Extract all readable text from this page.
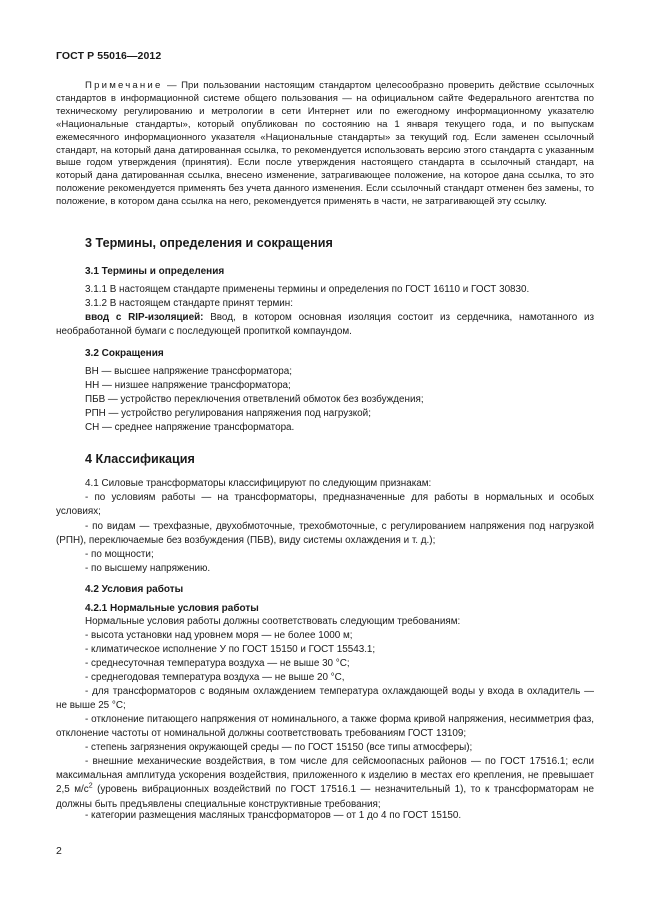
ГОСТ Р 55016—2012
Примечание — При пользовании настоящим стандартом целесообразно проверить действие ссылочных стандартов в информационной системе общего пользования — на официальном сайте Федерального агентства по техническому регулированию и метрологии в сети Интернет или по ежегодному информационному указателю «Национальные стандарты», который опубликован по состоянию на 1 января текущего года, и по выпускам ежемесячного информационного указателя «Национальные стандарты» за текущий год. Если заменен ссылочный стандарт, на который дана датированная ссылка, то рекомендуется использовать версию этого стандарта с указанным выше годом утверждения (принятия). Если после утверждения настоящего стандарта в ссылочный стандарт, на который дана датированная ссылка, внесено изменение, затрагивающее положение, на которое дана ссылка, то это положение рекомендуется применять без учета данного изменения. Если ссылочный стандарт отменен без замены, то положение, в котором дана ссылка на него, рекомендуется применять в части, не затрагивающей эту ссылку.
3 Термины, определения и сокращения
3.1 Термины и определения
3.1.1 В настоящем стандарте применены термины и определения по ГОСТ 16110 и ГОСТ 30830.
3.1.2 В настоящем стандарте принят термин:
ввод с RIP-изоляцией: Ввод, в котором основная изоляция состоит из сердечника, намотанного из необработанной бумаги с последующей пропиткой компаундом.
3.2 Сокращения
ВН — высшее напряжение трансформатора;
НН — низшее напряжение трансформатора;
ПБВ — устройство переключения ответвлений обмоток без возбуждения;
РПН — устройство регулирования напряжения под нагрузкой;
СН — среднее напряжение трансформатора.
4 Классификация
4.1 Силовые трансформаторы классифицируют по следующим признакам:
- по условиям работы — на трансформаторы, предназначенные для работы в нормальных и особых условиях;
- по видам — трехфазные, двухобмоточные, трехобмоточные, с регулированием напряжения под нагрузкой (РПН), переключаемые без возбуждения (ПБВ), виду системы охлаждения и т. д.);
- по мощности;
- по высшему напряжению.
4.2 Условия работы
4.2.1 Нормальные условия работы
Нормальные условия работы должны соответствовать следующим требованиям:
- высота установки над уровнем моря — не более 1000 м;
- климатическое исполнение У по ГОСТ 15150 и ГОСТ 15543.1;
- среднесуточная температура воздуха — не выше 30 °С;
- среднегодовая температура воздуха — не выше 20 °С,
- для трансформаторов с водяным охлаждением температура охлаждающей воды у входа в охладитель — не выше 25 °С;
- отклонение питающего напряжения от номинального, а также форма кривой напряжения, несимметрия фаз, отклонение частоты от номинальной должны соответствовать требованиям ГОСТ 13109;
- степень загрязнения окружающей среды — по ГОСТ 15150 (все типы атмосферы);
- внешние механические воздействия, в том числе для сейсмоопасных районов — по ГОСТ 17516.1; если максимальная амплитуда ускорения воздействия, приложенного к изделию в местах его крепления, не превышает 2,5 $м/с^2$ (уровень вибрационных воздействий по ГОСТ 17516.1 — незначительный 1), то к трансформаторам не должны быть предъявлены специальные конструктивные требования;
- категории размещения масляных трансформаторов — от 1 до 4 по ГОСТ 15150.
2
